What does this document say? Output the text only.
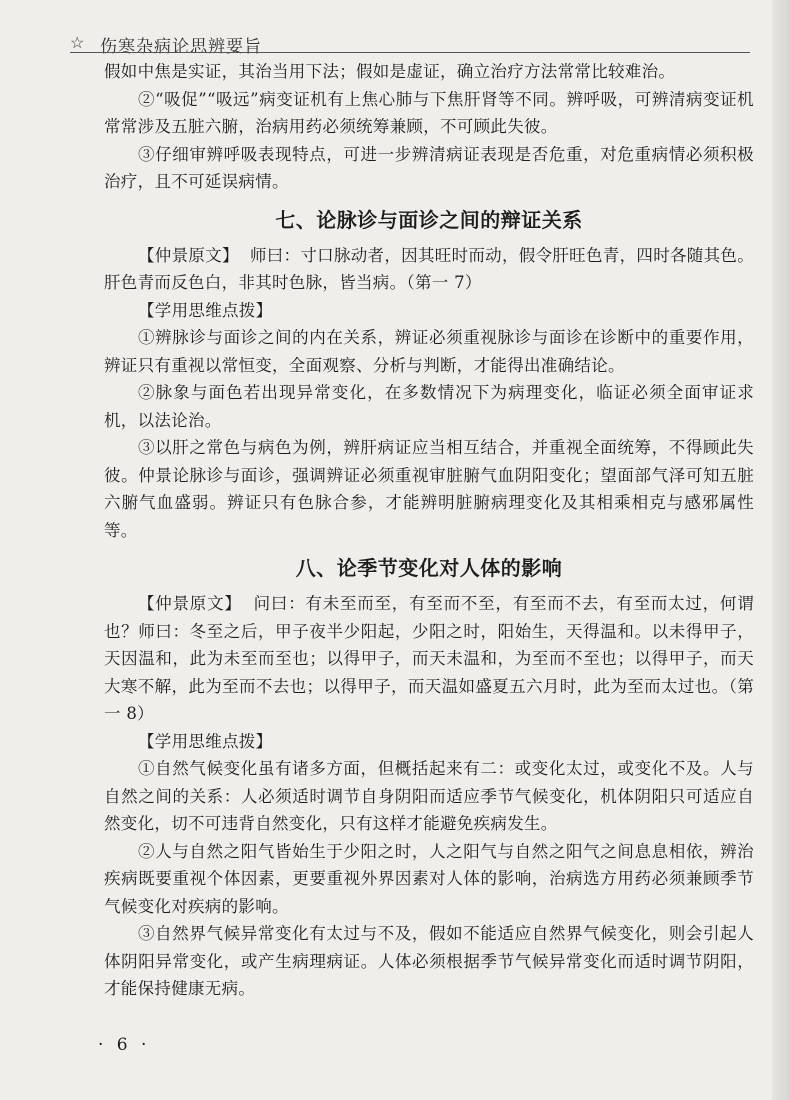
☆ 伤寒杂病论思辨要旨

假如中焦是实证，其治当用下法；假如是虚证，确立治疗方法常常比较难治。

②“吸促”“吸远”病变证机有上焦心肺与下焦肝肾等不同。辨呼吸，可辨清病变证机常常涉及五脏六腑，治病用药必须统筹兼顾，不可顾此失彼。

③仔细审辨呼吸表现特点，可进一步辨清病证表现是否危重，对危重病情必须积极治疗，且不可延误病情。

七、论脉诊与面诊之间的辩证关系

【仲景原文】 师曰：寸口脉动者，因其旺时而动，假令肝旺色青，四时各随其色。肝色青而反色白，非其时色脉，皆当病。（第一 7）

【学用思维点拨】

①辨脉诊与面诊之间的内在关系，辨证必须重视脉诊与面诊在诊断中的重要作用，辨证只有重视以常恒变，全面观察、分析与判断，才能得出准确结论。

②脉象与面色若出现异常变化，在多数情况下为病理变化，临证必须全面审证求机，以法论治。

③以肝之常色与病色为例，辨肝病证应当相互结合，并重视全面统筹，不得顾此失彼。仲景论脉诊与面诊，强调辨证必须重视审脏腑气血阴阳变化；望面部气泽可知五脏六腑气血盛弱。辨证只有色脉合参，才能辨明脏腑病理变化及其相乘相克与感邪属性等。

八、论季节变化对人体的影响

【仲景原文】 问曰：有未至而至，有至而不至，有至而不去，有至而太过，何谓也？师曰：冬至之后，甲子夜半少阳起，少阳之时，阳始生，天得温和。以未得甲子，天因温和，此为未至而至也；以得甲子，而天未温和，为至而不至也；以得甲子，而天大寒不解，此为至而不去也；以得甲子，而天温如盛夏五六月时，此为至而太过也。（第一 8）

【学用思维点拨】

①自然气候变化虽有诸多方面，但概括起来有二：或变化太过，或变化不及。人与自然之间的关系：人必须适时调节自身阴阳而适应季节气候变化，机体阴阳只可适应自然变化，切不可违背自然变化，只有这样才能避免疾病发生。

②人与自然之阳气皆始生于少阳之时，人之阳气与自然之阳气之间息息相依，辨治疾病既要重视个体因素，更要重视外界因素对人体的影响，治病选方用药必须兼顾季节气候变化对疾病的影响。

③自然界气候异常变化有太过与不及，假如不能适应自然界气候变化，则会引起人体阴阳异常变化，或产生病理病证。人体必须根据季节气候异常变化而适时调节阴阳，才能保持健康无病。

· 6 ·
